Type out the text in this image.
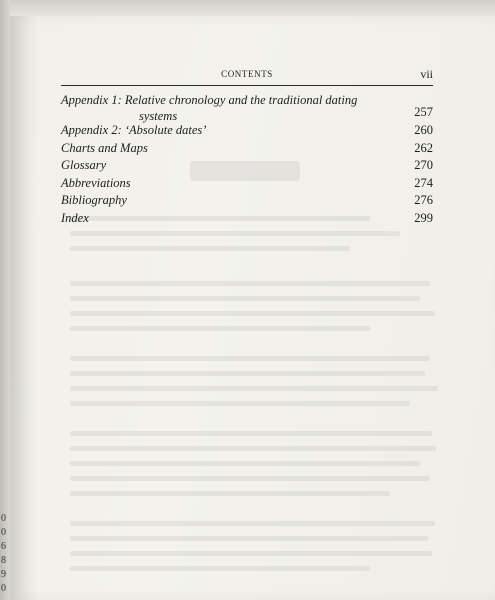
CONTENTS	vii
Appendix 1: Relative chronology and the traditional dating
systems	257
Appendix 2: ‘Absolute dates’	260
Charts and Maps	262
Glossary	270
Abbreviations	274
Bibliography	276
Index	299
0
0
6
8
9
0
